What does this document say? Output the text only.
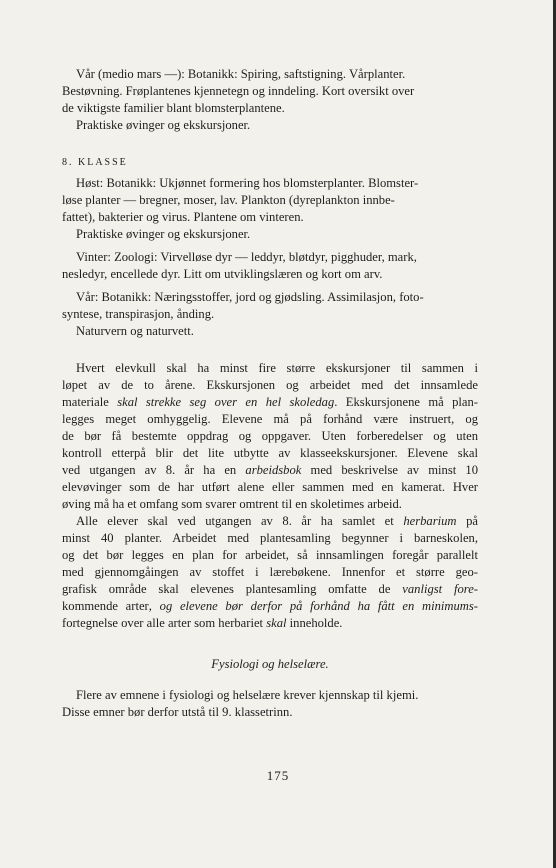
Vår (medio mars —): Botanikk: Spiring, saftstigning. Vårplanter.

Bestøvning. Frøplantenes kjennetegn og inndeling. Kort oversikt over

de viktigste familier blant blomsterplantene.

Praktiske øvinger og ekskursjoner.

8. KLASSE

Høst: Botanikk: Ukjønnet formering hos blomsterplanter. Blomster-

løse planter — bregner, moser, lav. Plankton (dyreplankton innbe-

fattet), bakterier og virus. Plantene om vinteren.

Praktiske øvinger og ekskursjoner.

Vinter: Zoologi: Virvelløse dyr — leddyr, bløtdyr, pigghuder, mark,

nesledyr, encellede dyr. Litt om utviklingslæren og kort om arv.

Vår: Botanikk: Næringsstoffer, jord og gjødsling. Assimilasjon, foto-

syntese, transpirasjon, ånding.

Naturvern og naturvett.

Hvert elevkull skal ha minst fire større ekskursjoner til sammen i

løpet av de to årene. Ekskursjonen og arbeidet med det innsamlede

materiale skal strekke seg over en hel skoledag. Ekskursjonene må plan-

legges meget omhyggelig. Elevene må på forhånd være instruert, og

de bør få bestemte oppdrag og oppgaver. Uten forberedelser og uten

kontroll etterpå blir det lite utbytte av klasseekskursjoner. Elevene skal

ved utgangen av 8. år ha en arbeidsbok med beskrivelse av minst 10

elevøvinger som de har utført alene eller sammen med en kamerat. Hver

øving må ha et omfang som svarer omtrent til en skoletimes arbeid.

Alle elever skal ved utgangen av 8. år ha samlet et herbarium på

minst 40 planter. Arbeidet med plantesamling begynner i barneskolen,

og det bør legges en plan for arbeidet, så innsamlingen foregår parallelt

med gjennomgåingen av stoffet i lærebøkene. Innenfor et større geo-

grafisk område skal elevenes plantesamling omfatte de vanligst fore-

kommende arter, og elevene bør derfor på forhånd ha fått en minimums-

fortegnelse over alle arter som herbariet skal inneholde.

Fysiologi og helselære.

Flere av emnene i fysiologi og helselære krever kjennskap til kjemi.

Disse emner bør derfor utstå til 9. klassetrinn.

175
